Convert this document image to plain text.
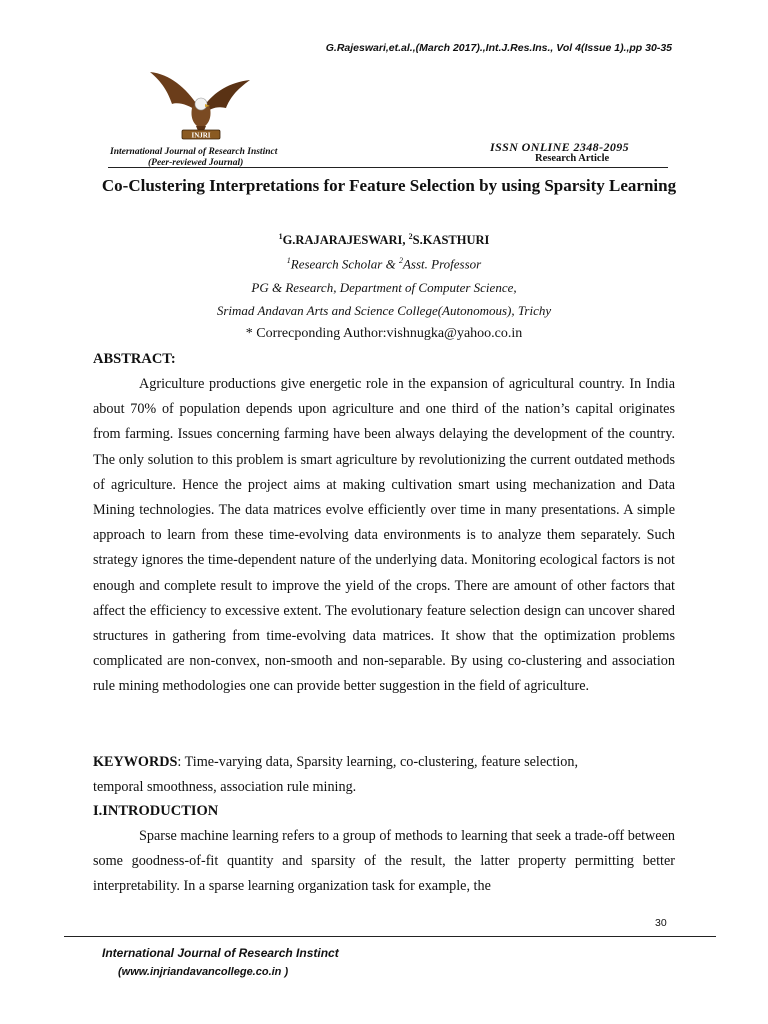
G.Rajeswari,et.al.,(March 2017).,Int.J.Res.Ins., Vol 4(Issue 1).,pp 30-35
INJRI
International Journal of Research Instinct
(Peer-reviewed Journal)
ISSN ONLINE 2348-2095
Research Article
Co-Clustering Interpretations for Feature Selection by using Sparsity Learning
$^1$G.RAJARAJESWARI, $^2$S.KASTHURI
$^1$Research Scholar & $^2$Asst. Professor
PG & Research, Department of Computer Science,
Srimad Andavan Arts and Science College(Autonomous), Trichy
* Correcponding Author:vishnugka@yahoo.co.in
ABSTRACT:
Agriculture productions give energetic role in the expansion of agricultural country. In India about 70% of population depends upon agriculture and one third of the nation’s capital originates from farming. Issues concerning farming have been always delaying the development of the country. The only solution to this problem is smart agriculture by revolutionizing the current outdated methods of agriculture. Hence the project aims at making cultivation smart using mechanization and Data Mining technologies. The data matrices evolve efficiently over time in many presentations. A simple approach to learn from these time-evolving data environments is to analyze them separately. Such strategy ignores the time-dependent nature of the underlying data. Monitoring ecological factors is not enough and complete result to improve the yield of the crops. There are amount of other factors that affect the efficiency to excessive extent. The evolutionary feature selection design can uncover shared structures in gathering from time-evolving data matrices. It show that the optimization problems complicated are non-convex, non-smooth and non-separable. By using co-clustering and association rule mining methodologies one can provide better suggestion in the field of agriculture.
KEYWORDS: Time-varying data, Sparsity learning, co-clustering, feature selection,
temporal smoothness, association rule mining.
I.INTRODUCTION
Sparse machine learning refers to a group of methods to learning that seek a trade-off between some goodness-of-fit quantity and sparsity of the result, the latter property permitting better interpretability. In a sparse learning organization task for example, the
30
International Journal of Research Instinct
(www.injriandavancollege.co.in )
